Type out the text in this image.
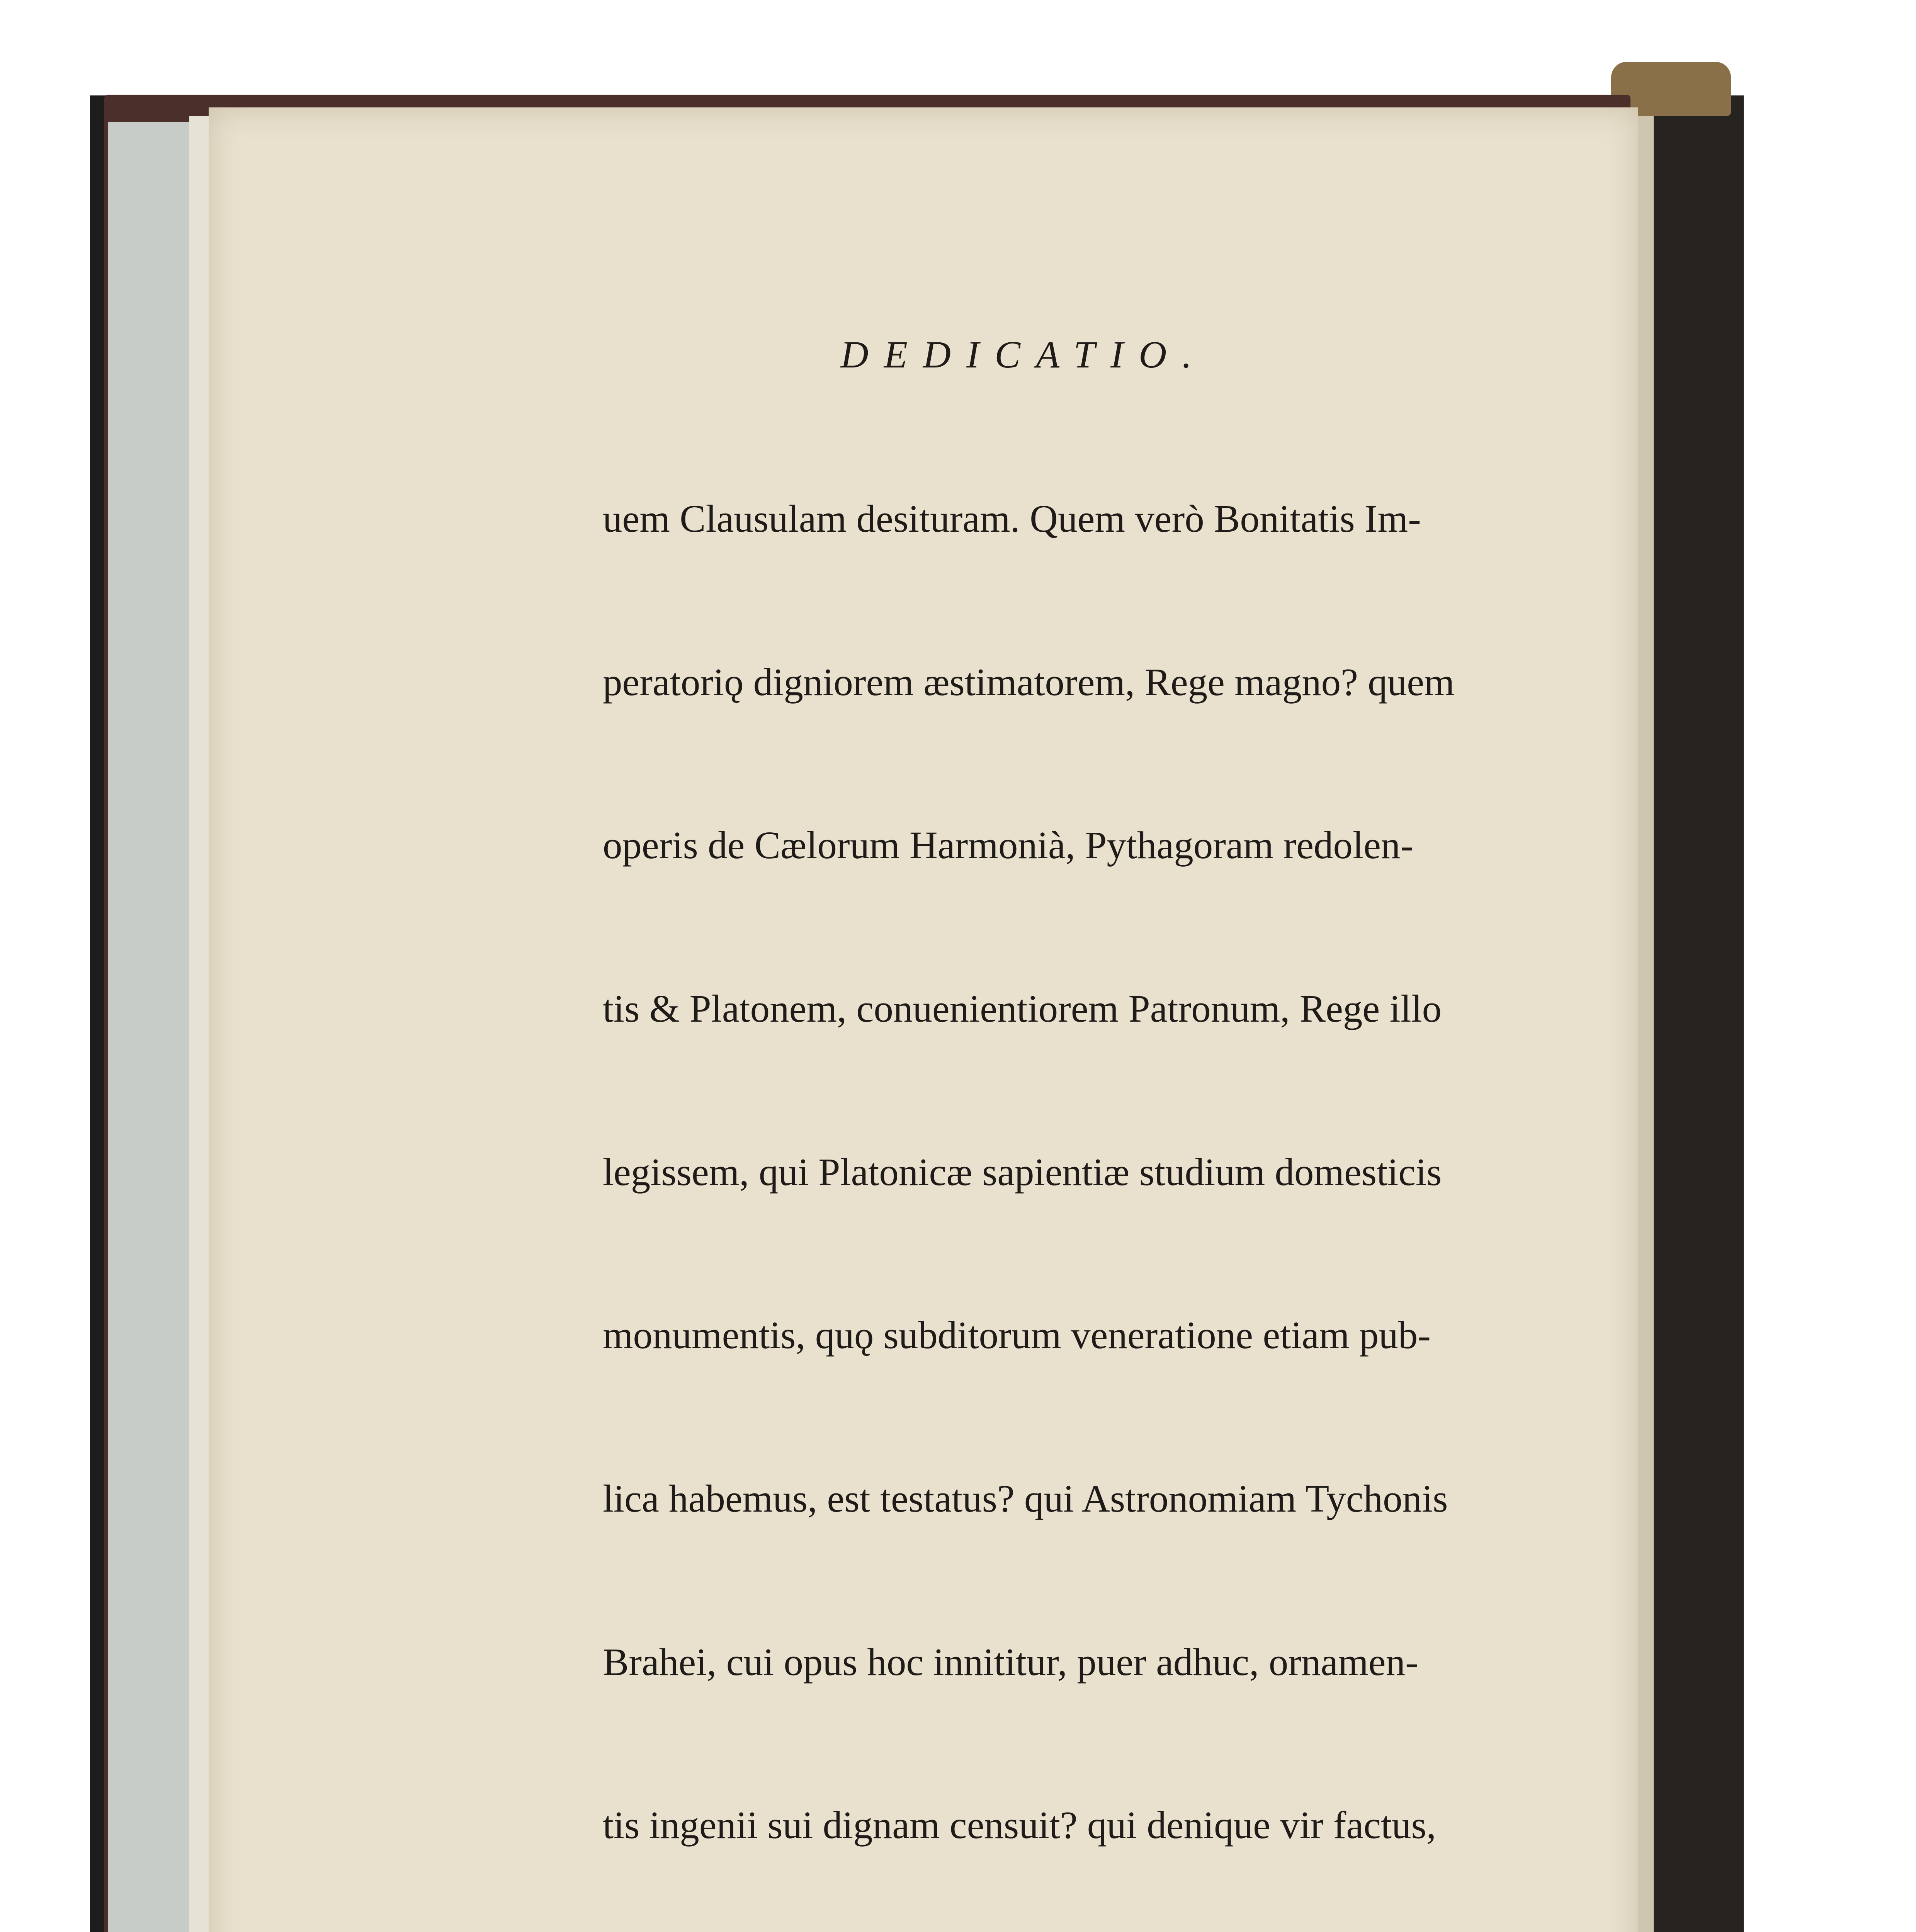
DEDICATIO.

uem Clausulam desituram. Quem verò Bonitatis Im-

peratoriǫ digniorem æstimatorem, Rege magno? quem

operis de Cælorum Harmonià, Pythagoram redolen-

tis & Platonem, conuenientiorem Patronum, Rege illo

legissem, qui Platonicæ sapientiæ studium domesticis

monumentis, quǫ subditorum veneratione etiam pub-

lica habemus, est testatus? qui Astronomiam Tychonis

Brahei, cui opus hoc innititur, puer adhuc, ornamen-

tis ingenii sui dignam censuit? qui denique vir factus,
